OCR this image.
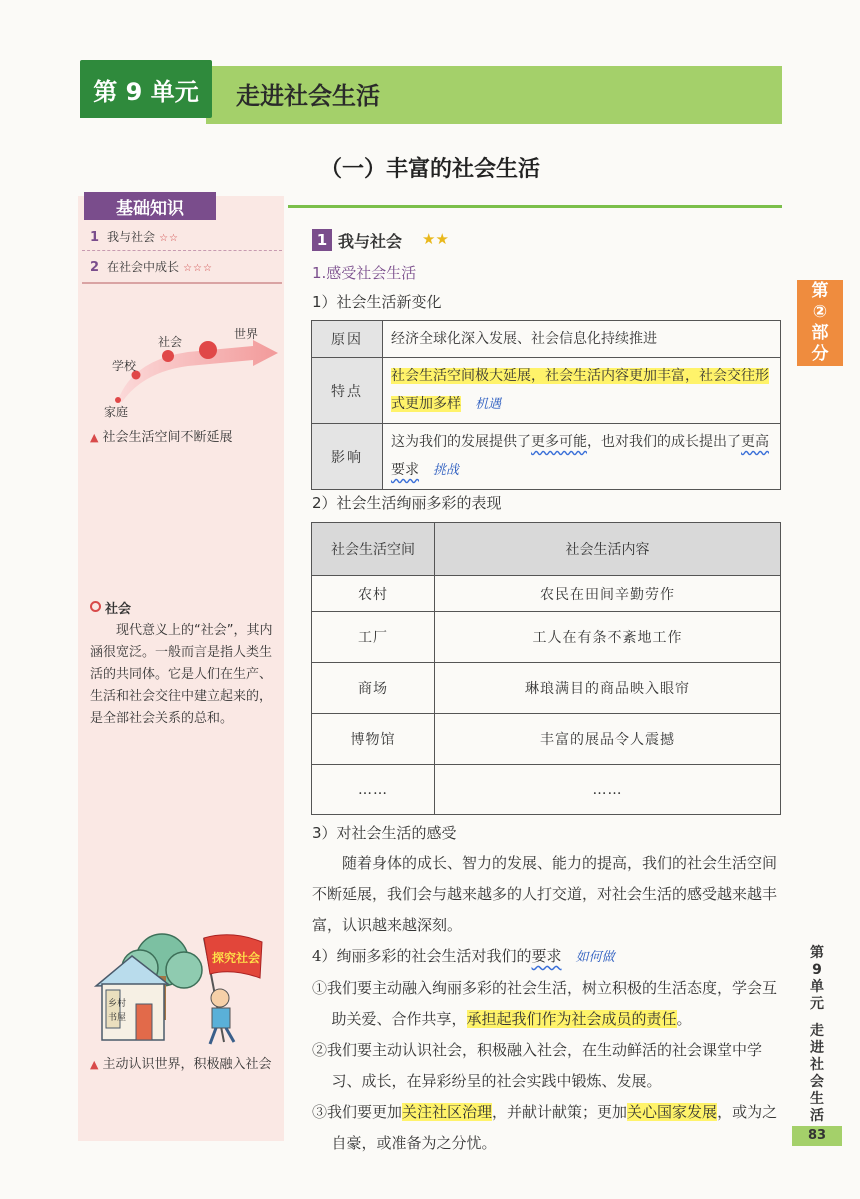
第 9 单元	走进社会生活
（一）丰富的社会生活
基础知识
1 我与社会 ☆☆
2 在社会中成长 ☆☆☆
家庭
学校
社会
世界
▲ 社会生活空间不断延展
社会
现代意义上的“社会”，其内涵很宽泛。一般而言是指人类生活的共同体。它是人们在生产、生活和社会交往中建立起来的，是全部社会关系的总和。
乡村
书屋
探究社会
▲ 主动认识世界，积极融入社会
1 我与社会 ★★
1.感受社会生活
1）社会生活新变化
原因	经济全球化深入发展、社会信息化持续推进
特点	社会生活空间极大延展，社会生活内容更加丰富，社会交往形式更加多样 机遇
影响	这为我们的发展提供了更多可能，也对我们的成长提出了更高要求 挑战
2）社会生活绚丽多彩的表现
社会生活空间	社会生活内容
农村	农民在田间辛勤劳作
工厂	工人在有条不紊地工作
商场	琳琅满目的商品映入眼帘
博物馆	丰富的展品令人震撼
……	……
3）对社会生活的感受
随着身体的成长、智力的发展、能力的提高，我们的社会生活空间不断延展，我们会与越来越多的人打交道，对社会生活的感受越来越丰富，认识越来越深刻。
4）绚丽多彩的社会生活对我们的要求 如何做
①我们要主动融入绚丽多彩的社会生活，树立积极的生活态度，学会互助关爱、合作共享，承担起我们作为社会成员的责任。
②我们要主动认识社会，积极融入社会，在生动鲜活的社会课堂中学习、成长，在异彩纷呈的社会实践中锻炼、发展。
③我们要更加关注社区治理，并献计献策；更加关心国家发展，或为之自豪，或准备为之分忧。
第
②
部
分
第
9
单
元
走
进
社
会
生
活
83
